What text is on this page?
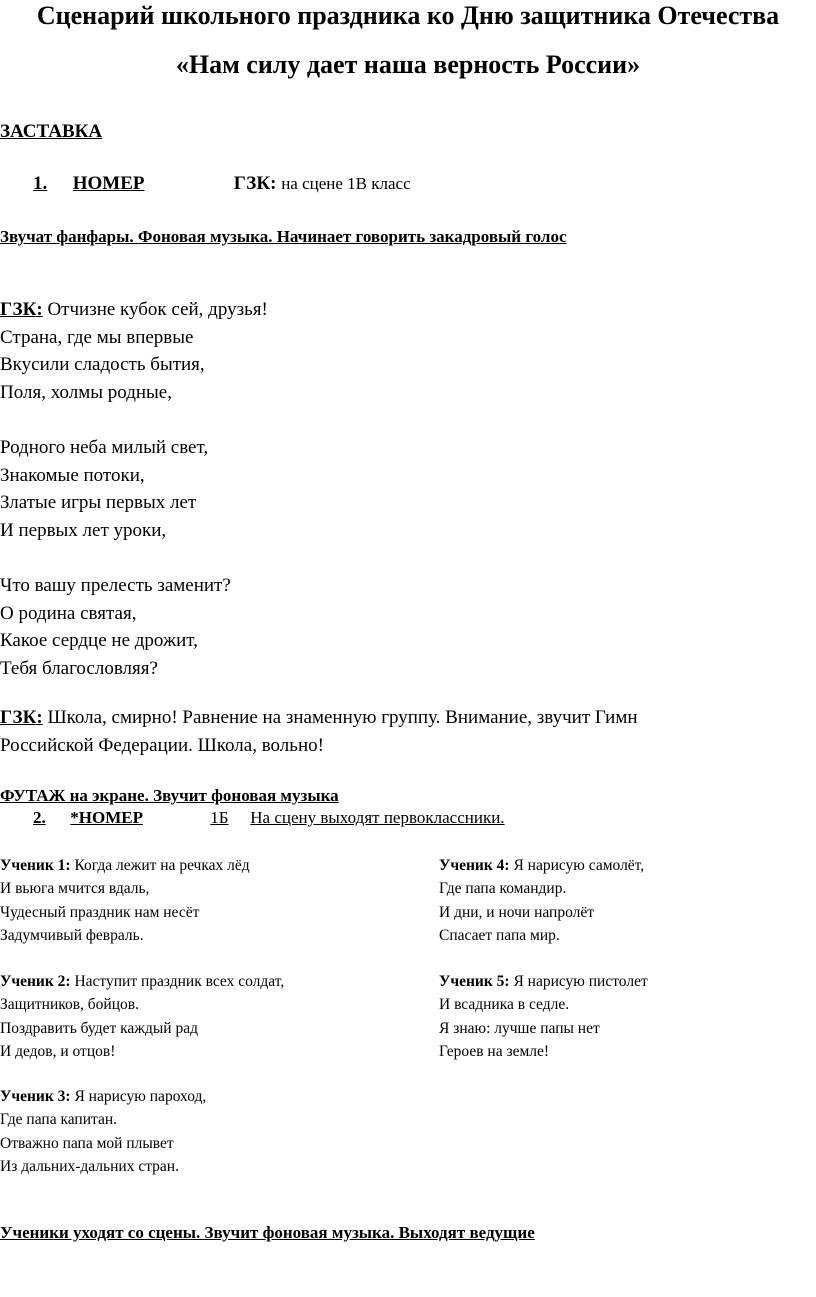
Сценарий школьного праздника ко Дню защитника Отечества
«Нам силу дает наша верность России»
ЗАСТАВКА
1. НОМЕР	ГЗК: на сцене 1В класс
Звучат фанфары. Фоновая музыка. Начинает говорить закадровый голос
ГЗК: Отчизне кубок сей, друзья!
Страна, где мы впервые
Вкусили сладость бытия,
Поля, холмы родные,
Родного неба милый свет,
Знакомые потоки,
Златые игры первых лет
И первых лет уроки,
Что вашу прелесть заменит?
О родина святая,
Какое сердце не дрожит,
Тебя благословляя?
ГЗК: Школа, смирно! Равнение на знаменную группу. Внимание, звучит Гимн
Российской Федерации. Школа, вольно!
ФУТАЖ на экране. Звучит фоновая музыка
2. *НОМЕР	1Б На сцену выходят первоклассники.
Ученик 1: Когда лежит на речках лёд
И вьюга мчится вдаль,
Чудесный праздник нам несёт
Задумчивый февраль.
Ученик 2: Наступит праздник всех солдат,
Защитников, бойцов.
Поздравить будет каждый рад
И дедов, и отцов!
Ученик 3: Я нарисую пароход,
Где папа капитан.
Отважно папа мой плывет
Из дальних-дальних стран.
Ученик 4: Я нарисую самолёт,
Где папа командир.
И дни, и ночи напролёт
Спасает папа мир.
Ученик 5: Я нарисую пистолет
И всадника в седле.
Я знаю: лучше папы нет
Героев на земле!
Ученики уходят со сцены. Звучит фоновая музыка. Выходят ведущие
